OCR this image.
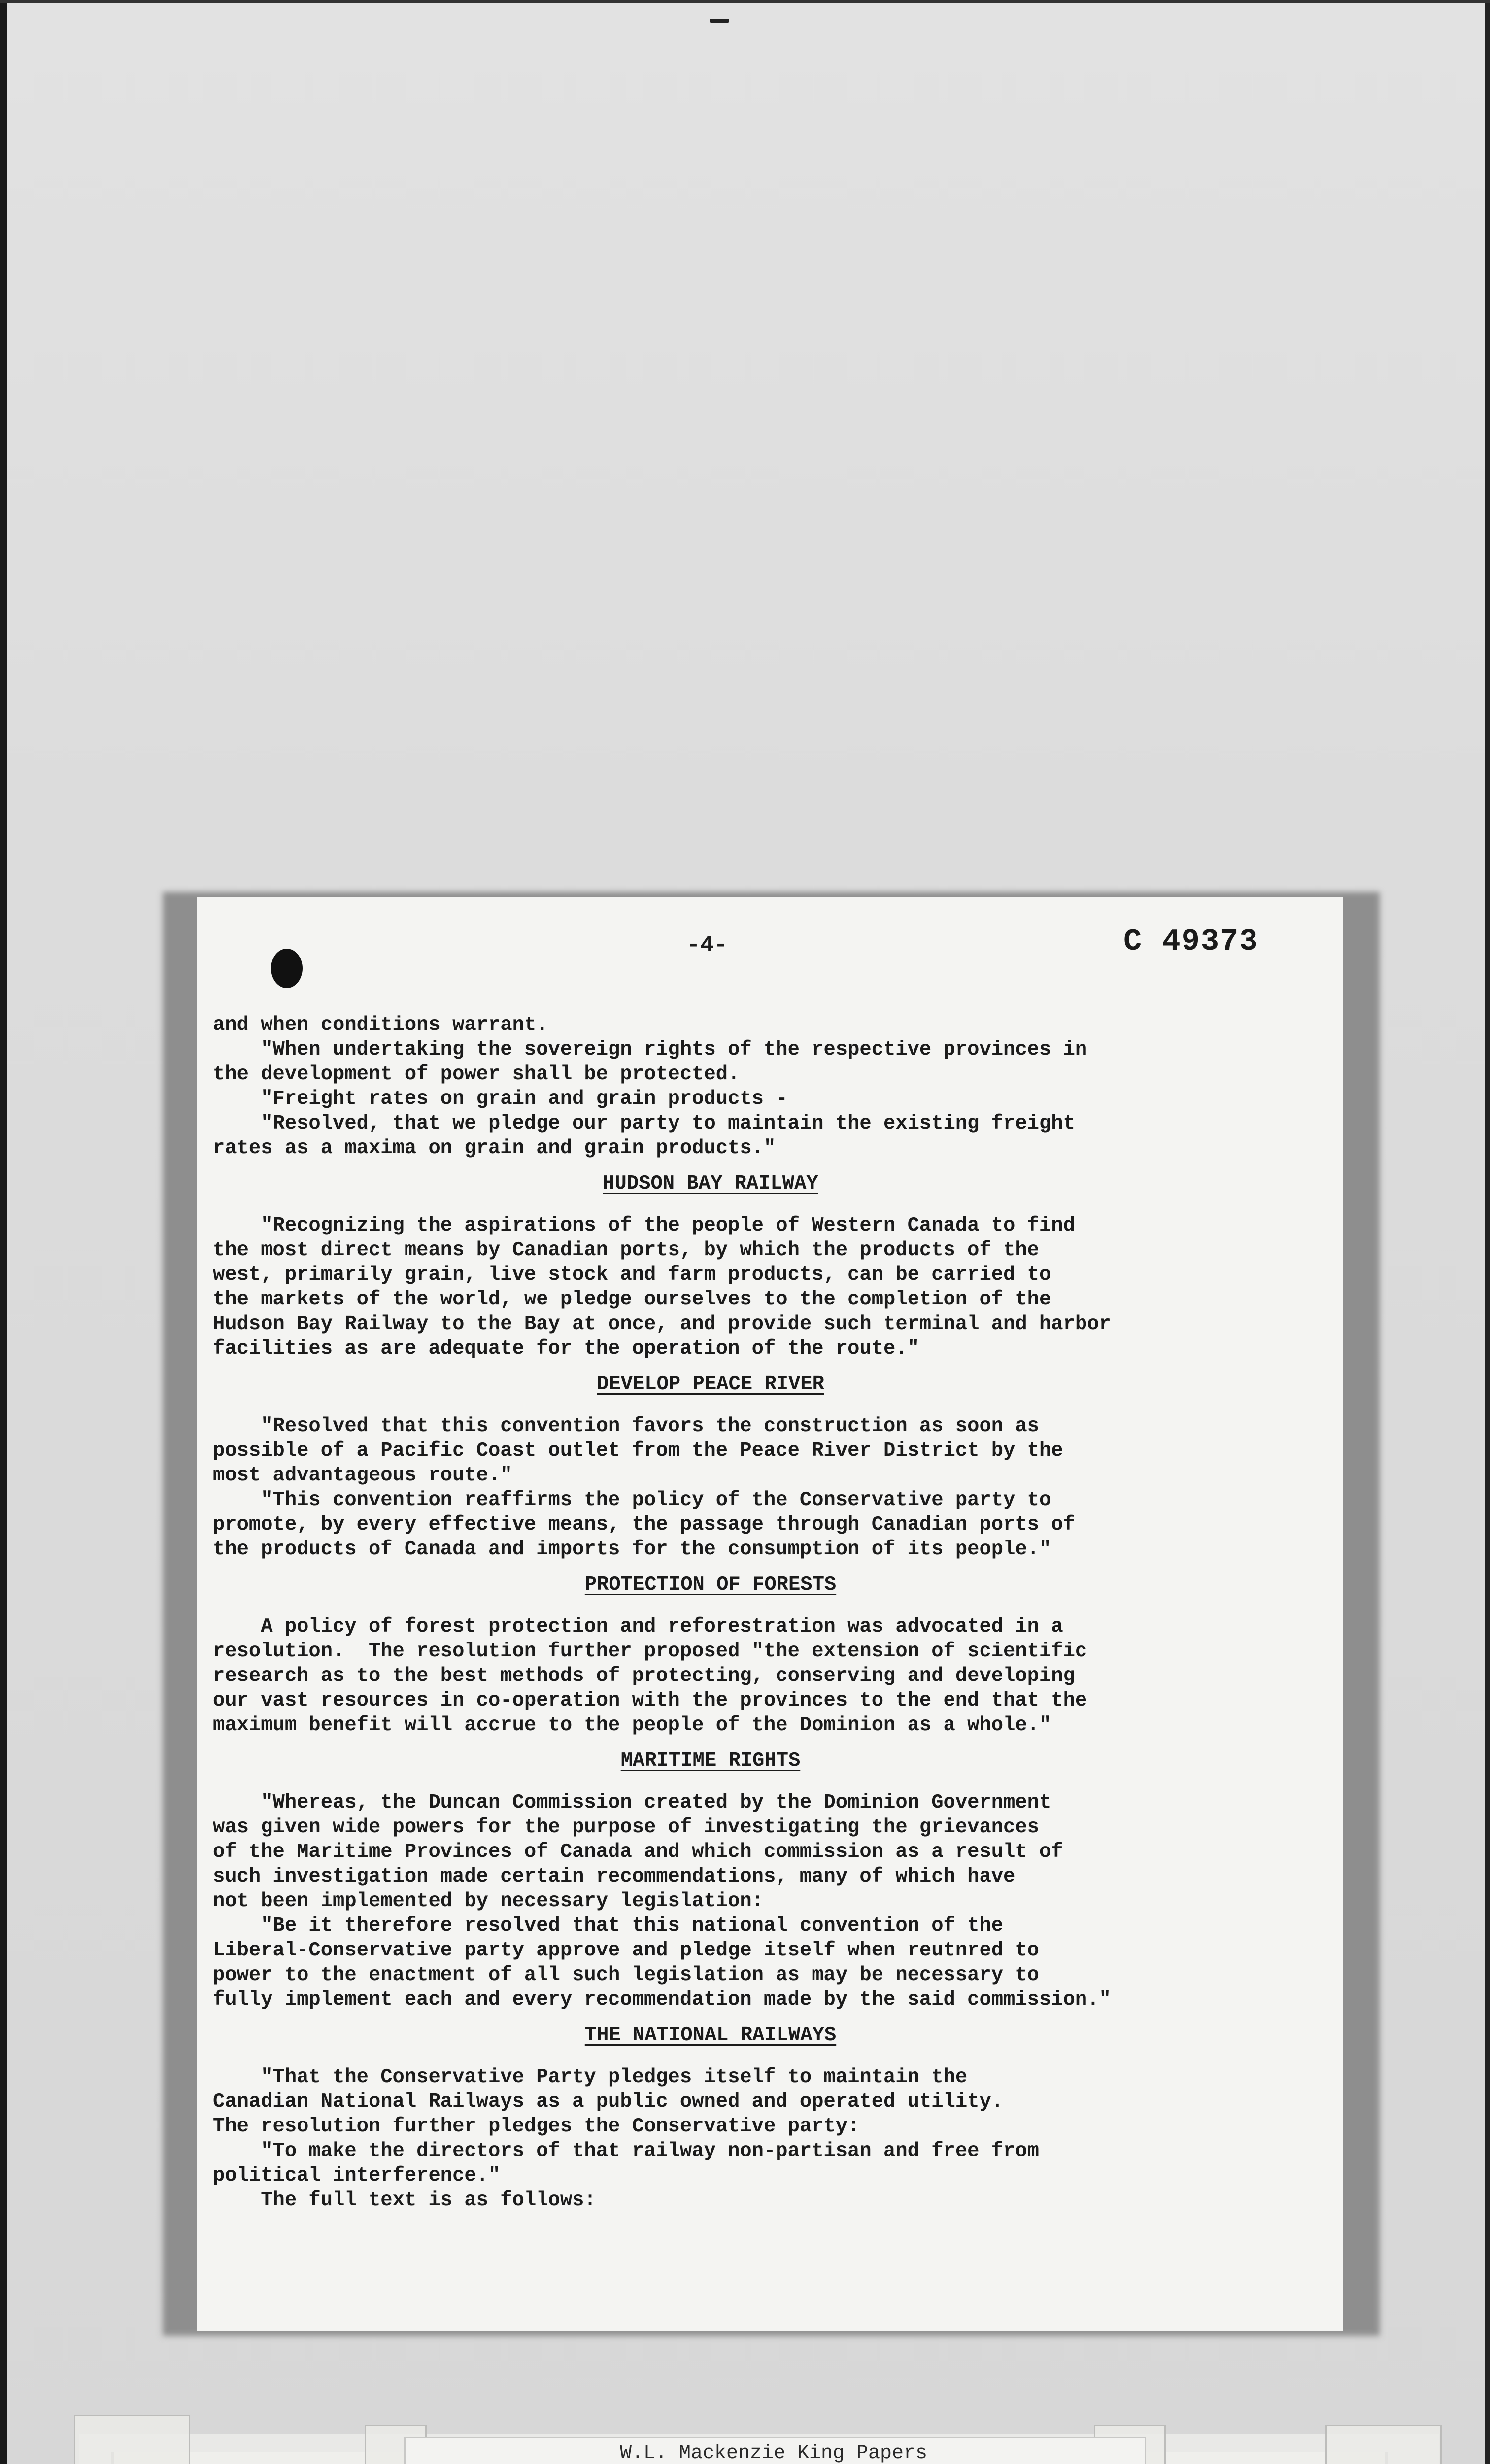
-4-	C 49373
and when conditions warrant.
"When undertaking the sovereign rights of the respective provinces in
the development of power shall be protected.
"Freight rates on grain and grain products -
"Resolved, that we pledge our party to maintain the existing freight
rates as a maxima on grain and grain products."
HUDSON BAY RAILWAY
"Recognizing the aspirations of the people of Western Canada to find
the most direct means by Canadian ports, by which the products of the
west, primarily grain, live stock and farm products, can be carried to
the markets of the world, we pledge ourselves to the completion of the
Hudson Bay Railway to the Bay at once, and provide such terminal and harbor
facilities as are adequate for the operation of the route."
DEVELOP PEACE RIVER
"Resolved that this convention favors the construction as soon as
possible of a Pacific Coast outlet from the Peace River District by the
most advantageous route."
"This convention reaffirms the policy of the Conservative party to
promote, by every effective means, the passage through Canadian ports of
the products of Canada and imports for the consumption of its people."
PROTECTION OF FORESTS
A policy of forest protection and reforestration was advocated in a
resolution.  The resolution further proposed "the extension of scientific
research as to the best methods of protecting, conserving and developing
our vast resources in co-operation with the provinces to the end that the
maximum benefit will accrue to the people of the Dominion as a whole."
MARITIME RIGHTS
"Whereas, the Duncan Commission created by the Dominion Government
was given wide powers for the purpose of investigating the grievances
of the Maritime Provinces of Canada and which commission as a result of
such investigation made certain recommendations, many of which have
not been implemented by necessary legislation:
"Be it therefore resolved that this national convention of the
Liberal-Conservative party approve and pledge itself when reutnred to
power to the enactment of all such legislation as may be necessary to
fully implement each and every recommendation made by the said commission."
THE NATIONAL RAILWAYS
"That the Conservative Party pledges itself to maintain the
Canadian National Railways as a public owned and operated utility.
The resolution further pledges the Conservative party:
"To make the directors of that railway non-partisan and free from
political interference."
The full text is as follows:
W.L. Mackenzie King Papers
